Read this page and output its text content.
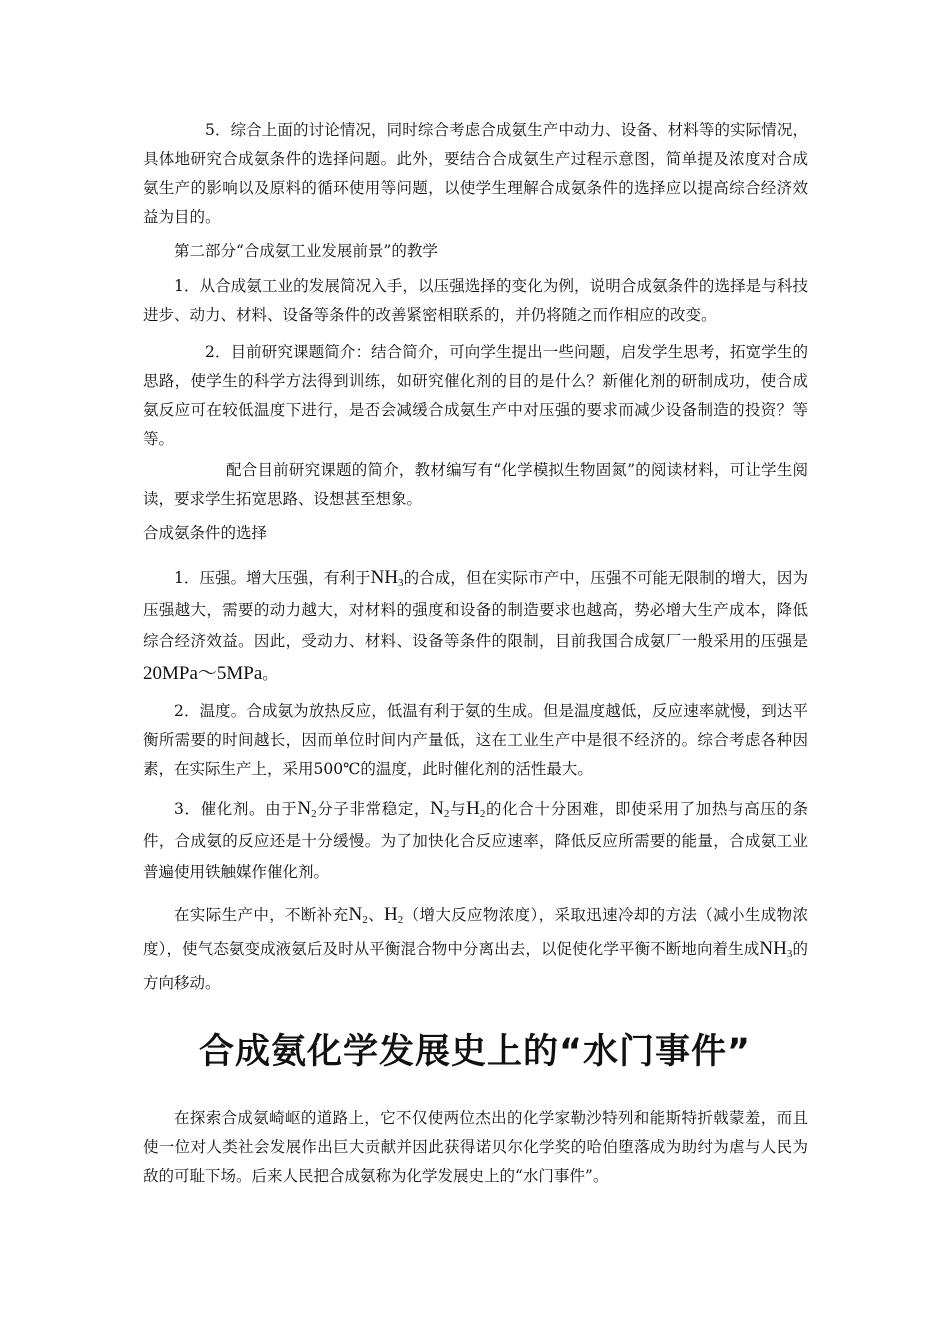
5．综合上面的讨论情况，同时综合考虑合成氨生产中动力、设备、材料等的实际情况，具体地研究合成氨条件的选择问题。此外，要结合合成氨生产过程示意图，简单提及浓度对合成氨生产的影响以及原料的循环使用等问题，以使学生理解合成氨条件的选择应以提高综合经济效益为目的。

第二部分“合成氨工业发展前景”的教学

1．从合成氨工业的发展简况入手，以压强选择的变化为例，说明合成氨条件的选择是与科技进步、动力、材料、设备等条件的改善紧密相联系的，并仍将随之而作相应的改变。

2．目前研究课题简介：结合简介，可向学生提出一些问题，启发学生思考，拓宽学生的思路，使学生的科学方法得到训练，如研究催化剂的目的是什么？新催化剂的研制成功，使合成氨反应可在较低温度下进行，是否会减缓合成氨生产中对压强的要求而减少设备制造的投资？等等。

配合目前研究课题的简介，教材编写有“化学模拟生物固氮”的阅读材料，可让学生阅读，要求学生拓宽思路、设想甚至想象。

合成氨条件的选择

1．压强。增大压强，有利于$NH_3$的合成，但在实际市产中，压强不可能无限制的增大，因为压强越大，需要的动力越大，对材料的强度和设备的制造要求也越高，势必增大生产成本，降低综合经济效益。因此，受动力、材料、设备等条件的限制，目前我国合成氨厂一般采用的压强是20MPa～5MPa。

2．温度。合成氨为放热反应，低温有利于氨的生成。但是温度越低，反应速率就慢，到达平衡所需要的时间越长，因而单位时间内产量低，这在工业生产中是很不经济的。综合考虑各种因素，在实际生产上，采用500℃的温度，此时催化剂的活性最大。

3．催化剂。由于$N_2$分子非常稳定，$N_2$与$H_2$的化合十分困难，即使采用了加热与高压的条件，合成氨的反应还是十分缓慢。为了加快化合反应速率，降低反应所需要的能量，合成氨工业普遍使用铁触媒作催化剂。

在实际生产中，不断补充$N_2$、$H_2$（增大反应物浓度），采取迅速冷却的方法（减小生成物浓度），使气态氨变成液氨后及时从平衡混合物中分离出去，以促使化学平衡不断地向着生成$NH_3$的方向移动。

合成氨化学发展史上的“水门事件”

在探索合成氨崎岖的道路上，它不仅使两位杰出的化学家勒沙特列和能斯特折戟蒙羞，而且使一位对人类社会发展作出巨大贡献并因此获得诺贝尔化学奖的哈伯堕落成为助纣为虐与人民为敌的可耻下场。后来人民把合成氨称为化学发展史上的“水门事件”。
